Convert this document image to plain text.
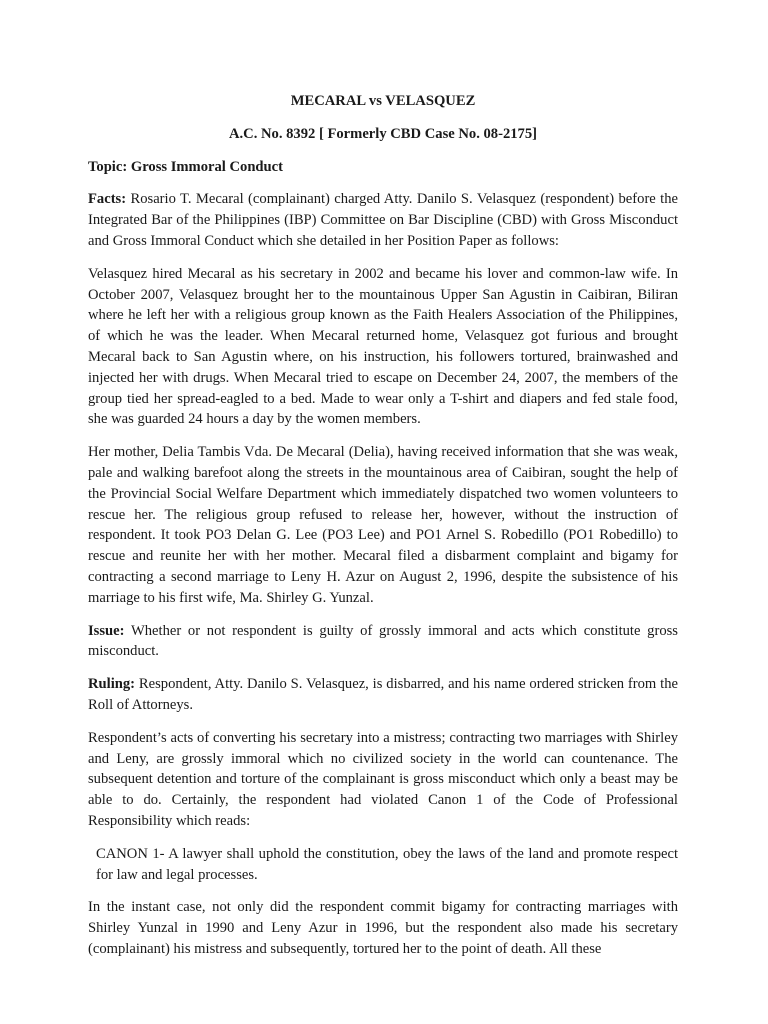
MECARAL vs VELASQUEZ
A.C. No. 8392 [ Formerly CBD Case No. 08-2175]
Topic: Gross Immoral Conduct

Facts: Rosario T. Mecaral (complainant) charged Atty. Danilo S. Velasquez (respondent) before the Integrated Bar of the Philippines (IBP) Committee on Bar Discipline (CBD) with Gross Misconduct and Gross Immoral Conduct which she detailed in her Position Paper as follows:

Velasquez hired Mecaral as his secretary in 2002 and became his lover and common-law wife. In October 2007, Velasquez brought her to the mountainous Upper San Agustin in Caibiran, Biliran where he left her with a religious group known as the Faith Healers Association of the Philippines, of which he was the leader. When Mecaral returned home, Velasquez got furious and brought Mecaral back to San Agustin where, on his instruction, his followers tortured, brainwashed and injected her with drugs. When Mecaral tried to escape on December 24, 2007, the members of the group tied her spread-eagled to a bed. Made to wear only a T-shirt and diapers and fed stale food, she was guarded 24 hours a day by the women members.

Her mother, Delia Tambis Vda. De Mecaral (Delia), having received information that she was weak, pale and walking barefoot along the streets in the mountainous area of Caibiran, sought the help of the Provincial Social Welfare Department which immediately dispatched two women volunteers to rescue her. The religious group refused to release her, however, without the instruction of respondent. It took PO3 Delan G. Lee (PO3 Lee) and PO1 Arnel S. Robedillo (PO1 Robedillo) to rescue and reunite her with her mother. Mecaral filed a disbarment complaint and bigamy for contracting a second marriage to Leny H. Azur on August 2, 1996, despite the subsistence of his marriage to his first wife, Ma. Shirley G. Yunzal.

Issue: Whether or not respondent is guilty of grossly immoral and acts which constitute gross misconduct.

Ruling: Respondent, Atty. Danilo S. Velasquez, is disbarred, and his name ordered stricken from the Roll of Attorneys.

Respondent’s acts of converting his secretary into a mistress; contracting two marriages with Shirley and Leny, are grossly immoral which no civilized society in the world can countenance. The subsequent detention and torture of the complainant is gross misconduct which only a beast may be able to do. Certainly, the respondent had violated Canon 1 of the Code of Professional Responsibility which reads:

CANON 1- A lawyer shall uphold the constitution, obey the laws of the land and promote respect for law and legal processes.

In the instant case, not only did the respondent commit bigamy for contracting marriages with Shirley Yunzal in 1990 and Leny Azur in 1996, but the respondent also made his secretary (complainant) his mistress and subsequently, tortured her to the point of death. All these
